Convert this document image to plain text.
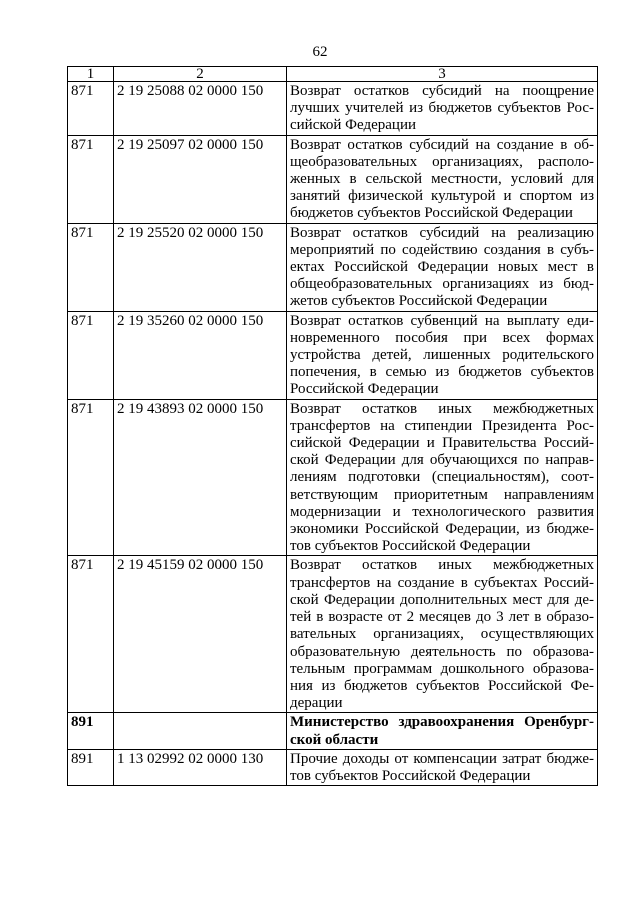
62
1	2	3
871	2 19 25088 02 0000 150	Возврат остатков субсидий на поощрение лучших учителей из бюджетов субъектов Российской Федерации
871	2 19 25097 02 0000 150	Возврат остатков субсидий на создание в общеобразовательных организациях, расположенных в сельской местности, условий для занятий физической культурой и спортом из бюджетов субъектов Российской Федерации
871	2 19 25520 02 0000 150	Возврат остатков субсидий на реализацию мероприятий по содействию создания в субъектах Российской Федерации новых мест в общеобразовательных организациях из бюджетов субъектов Российской Федерации
871	2 19 35260 02 0000 150	Возврат остатков субвенций на выплату единовременного пособия при всех формах устройства детей, лишенных родительского попечения, в семью из бюджетов субъектов Российской Федерации
871	2 19 43893 02 0000 150	Возврат остатков иных межбюджетных трансфертов на стипендии Президента Российской Федерации и Правительства Российской Федерации для обучающихся по направлениям подготовки (специальностям), соответствующим приоритетным направлениям модернизации и технологического развития экономики Российской Федерации, из бюджетов субъектов Российской Федерации
871	2 19 45159 02 0000 150	Возврат остатков иных межбюджетных трансфертов на создание в субъектах Российской Федерации дополнительных мест для детей в возрасте от 2 месяцев до 3 лет в образовательных организациях, осуществляющих образовательную деятельность по образовательным программам дошкольного образования из бюджетов субъектов Российской Федерации
891		Министерство здравоохранения Оренбургской области
891	1 13 02992 02 0000 130	Прочие доходы от компенсации затрат бюджетов субъектов Российской Федерации
